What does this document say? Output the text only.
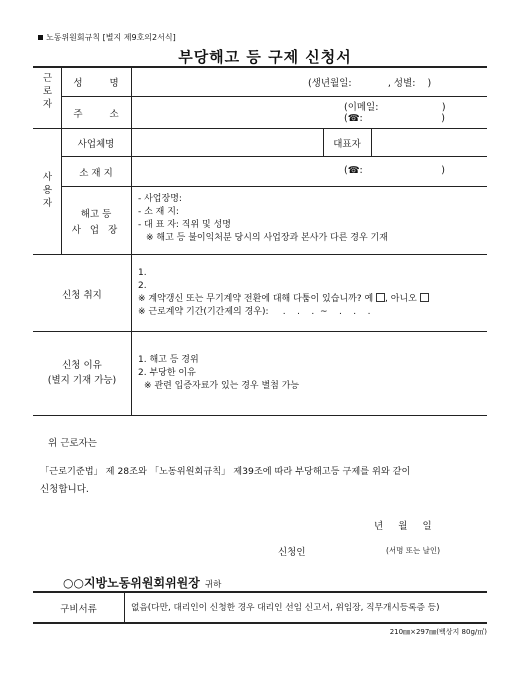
노동위원회규칙 [별지 제9호의2서식]
부당해고 등 구제 신청서
근
로
자
성 명	(생년월일:            , 성별:    )
주 소
(이메일:                     )
(☎:                          )
사
용
자
사업체명	대표자
소 재 지	(☎:                          )
해고 등
사 업 장
- 사업장명:
- 소 재 지:
- 대 표 자: 직위 및 성명
※ 해고 등 불이익처분 당시의 사업장과 본사가 다른 경우 기재
신청 취지
1.
2.
※ 계약갱신 또는 무기계약 전환에 대해 다툼이 있습니까? 예 , 아니오
※ 근로계약 기간(기간제의 경우):     .    .    .  ~    .    .    .
신청 이유
(별지 기재 가능)
1. 해고 등 경위
2. 부당한 이유
※ 관련 입증자료가 있는 경우 별첨 가능
위 근로자는
「근로기준법」 제 28조와 「노동위원회규칙」 제39조에 따라 부당해고등 구제를 위와 같이
신청합니다.
년     월     일
신청인	(서명 또는 날인)
○○지방노동위원회위원장 귀하
구비서류	없음(다만, 대리인이 신청한 경우 대리인 선임 신고서, 위임장, 직무개시등록증 등)
210㎜×297㎜(백상지 80g/㎡)
